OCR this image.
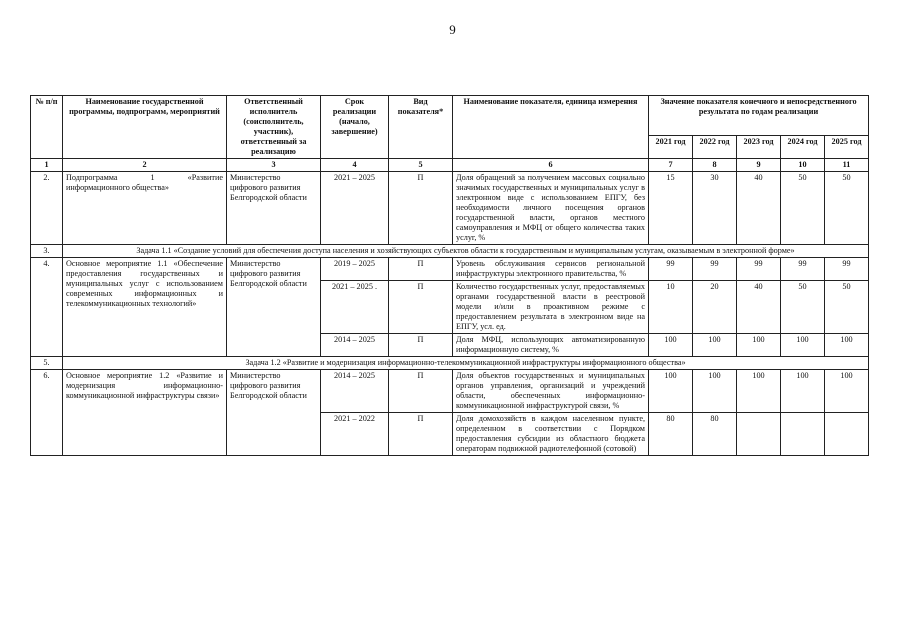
9
№ п/п	Наименование государственной программы, подпрограмм, мероприятий	Ответственный исполнитель (соисполнитель, участник), ответственный за реализацию	Срок реализации (начало, завершение)	Вид показателя*	Наименование показателя, единица измерения	Значение показателя конечного и непосредственного результата по годам реализации				
						2021 год	2022 год	2023 год	2024 год	2025 год
1	2	3	4	5	6	7	8	9	10	11
2.	Подпрограмма 1 «Развитие информационного общества»	Министерство цифрового развития Белгородской области	2021 – 2025	П	Доля обращений за получением массовых социально значимых государственных и муниципальных услуг в электронном виде с использованием ЕПГУ, без необходимости личного посещения органов государственной власти, органов местного самоуправления и МФЦ от общего количества таких услуг, %	15	30	40	50	50
3.	Задача 1.1 «Создание условий для обеспечения доступа населения и хозяйствующих субъектов области к государственным и муниципальным услугам, оказываемым в электронной форме»									
4.	Основное мероприятие 1.1 «Обеспечение предоставления государственных и муниципальных услуг с использованием современных информационных и телекоммуникационных технологий»	Министерство цифрового развития Белгородской области	2019 – 2025	П	Уровень обслуживания сервисов региональной инфраструктуры электронного правительства, %	99	99	99	99	99
			2021 – 2025 .	П	Количество государственных услуг, предоставляемых органами государственной власти в реестровой модели и/или в проактивном режиме с предоставлением результата в электронном виде на ЕПГУ, усл. ед.	10	20	40	50	50
			2014 – 2025	П	Доля МФЦ, использующих автоматизированную информационную систему, %	100	100	100	100	100
5.	Задача 1.2 «Развитие и модернизация информационно-телекоммуникационной инфраструктуры информационного общества»									
6.	Основное мероприятие 1.2 «Развитие и модернизация информационно-коммуникационной инфраструктуры связи»	Министерство цифрового развития Белгородской области	2014 – 2025	П	Доля объектов государственных и муниципальных органов управления, организаций и учреждений области, обеспеченных информационно-коммуникационной инфраструктурой связи, %	100	100	100	100	100
			2021 – 2022	П	Доля домохозяйств в каждом населенном пункте, определенном в соответствии с Порядком предоставления субсидии из областного бюджета операторам подвижной радиотелефонной (сотовой)	80	80			
